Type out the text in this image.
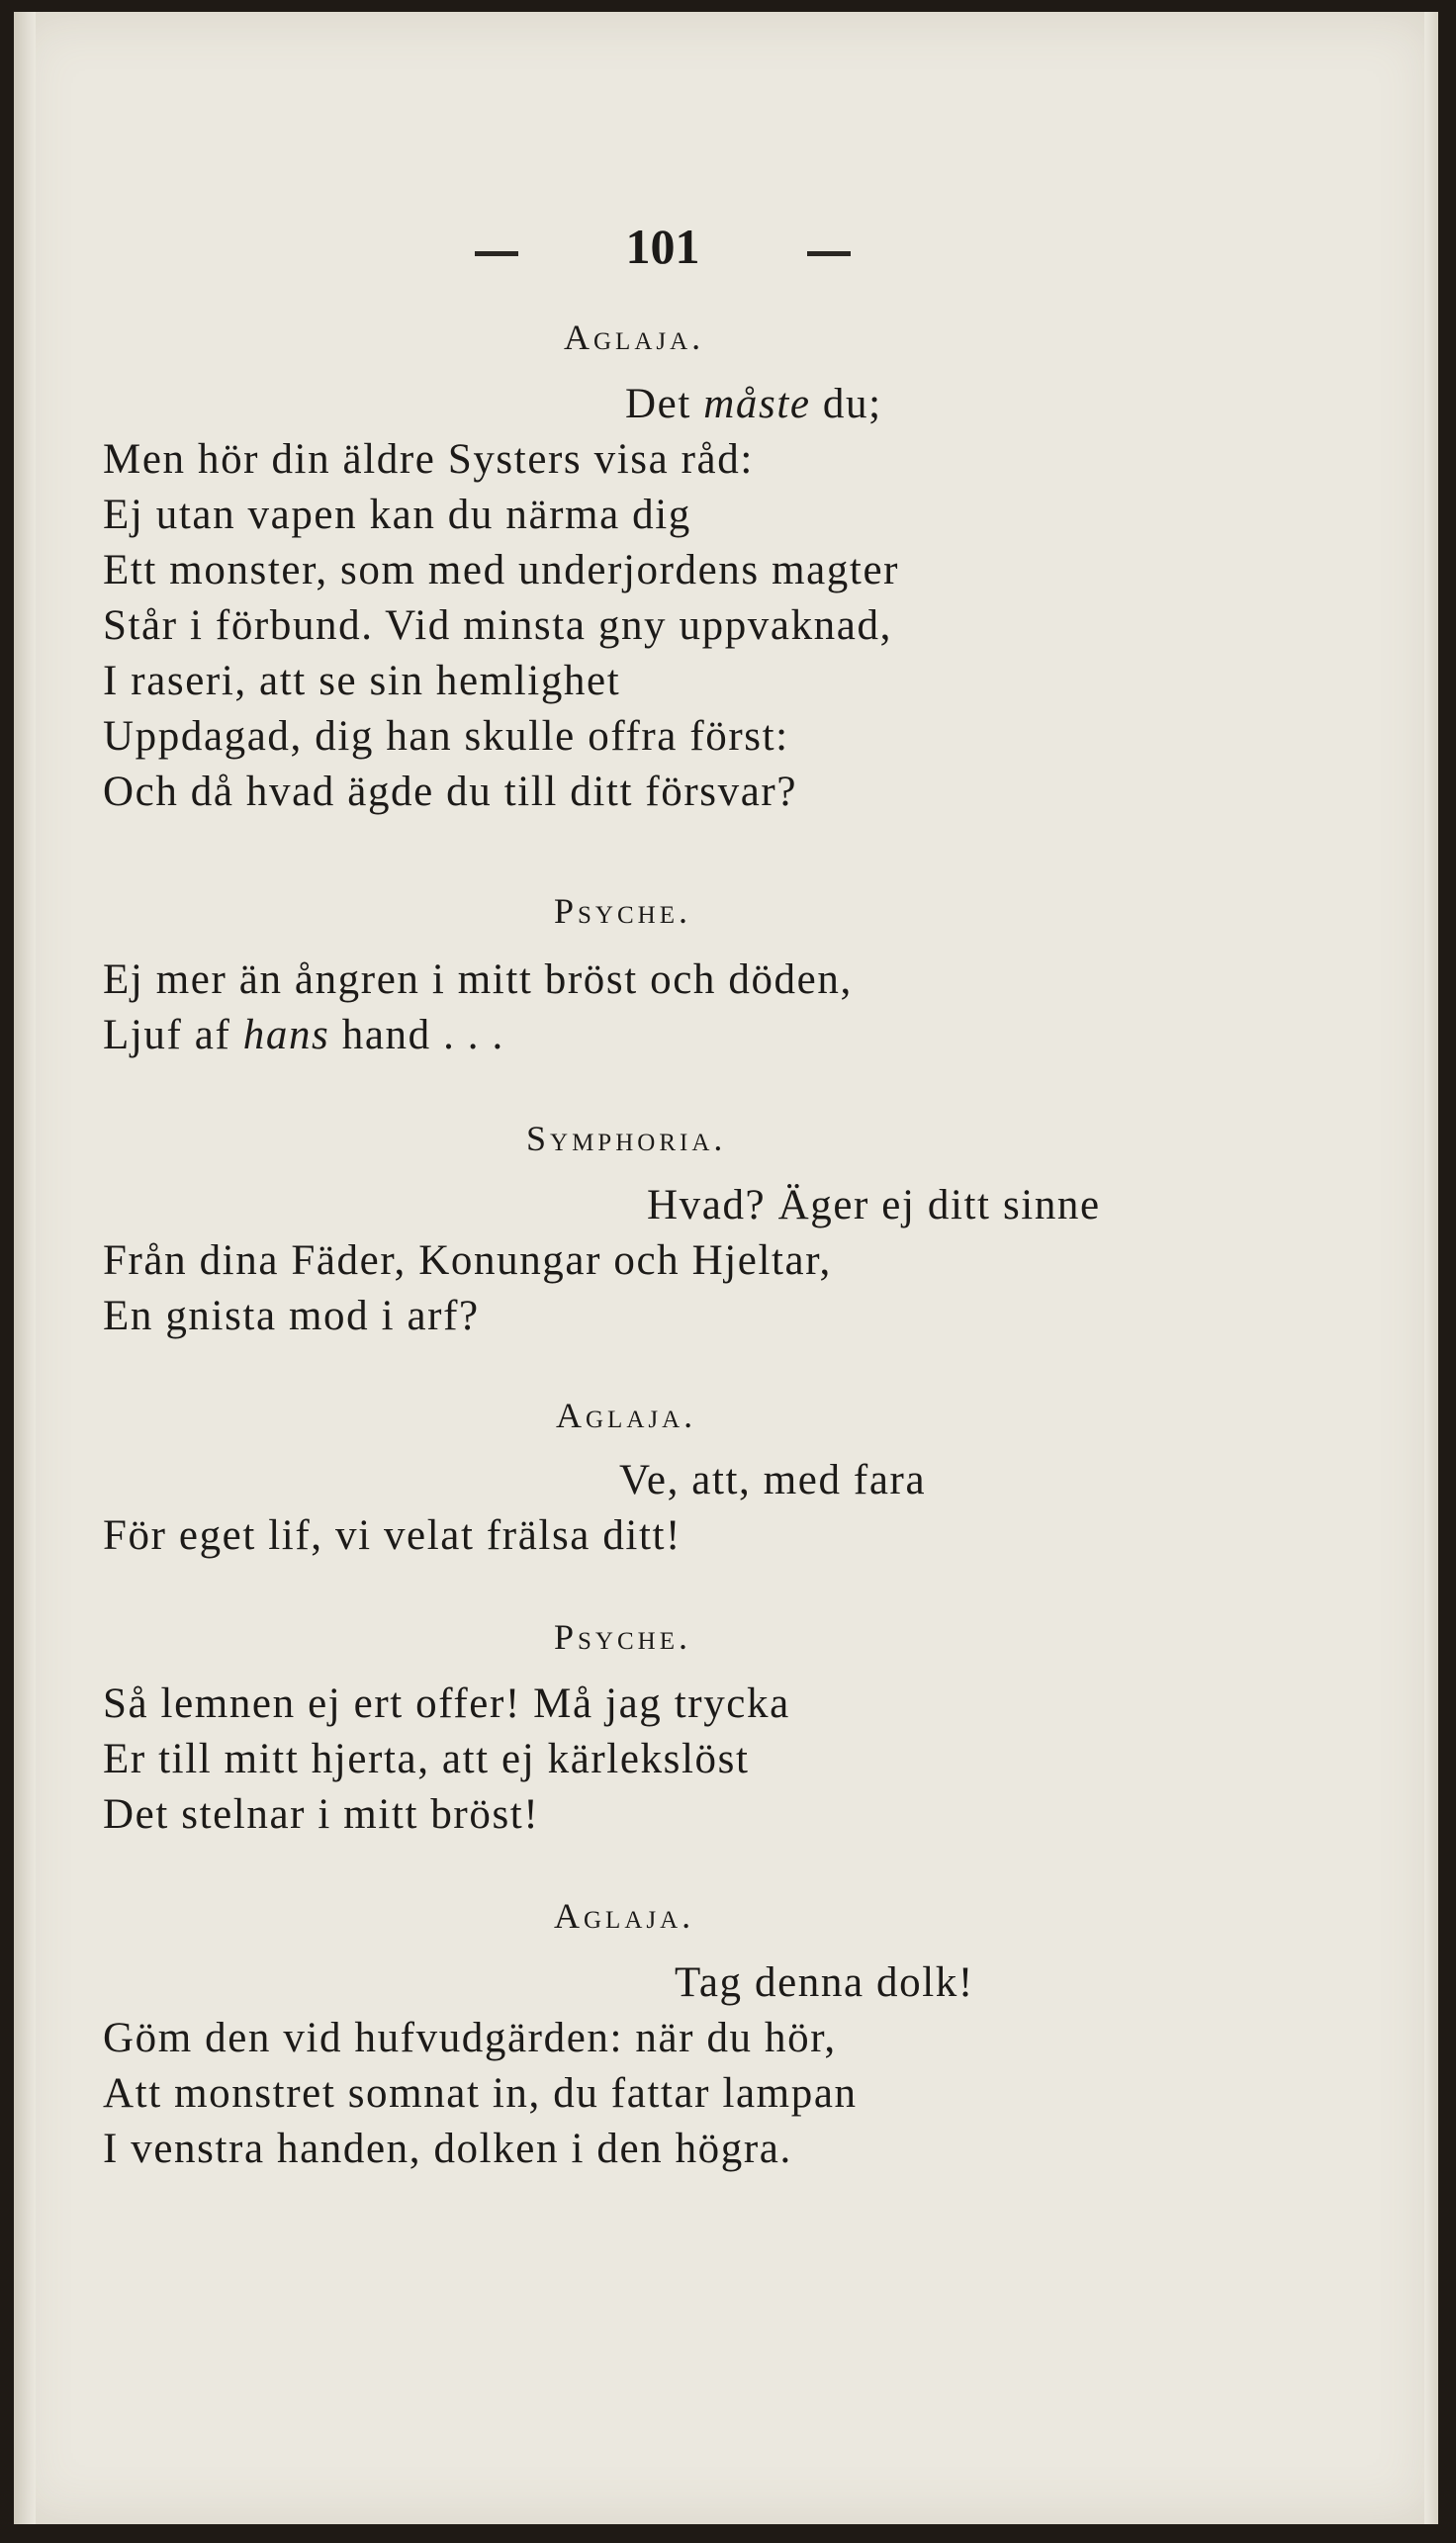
101
Aglaja.
Det måste du;
Men hör din äldre Systers visa råd:
Ej utan vapen kan du närma dig
Ett monster, som med underjordens magter
Står i förbund. Vid minsta gny uppvaknad,
I raseri, att se sin hemlighet
Uppdagad, dig han skulle offra först:
Och då hvad ägde du till ditt försvar?
Psyche.
Ej mer än ångren i mitt bröst och döden,
Ljuf af hans hand . . .
Symphoria.
Hvad? Äger ej ditt sinne
Från dina Fäder, Konungar och Hjeltar,
En gnista mod i arf?
Aglaja.
Ve, att, med fara
För eget lif, vi velat frälsa ditt!
Psyche.
Så lemnen ej ert offer! Må jag trycka
Er till mitt hjerta, att ej kärlekslöst
Det stelnar i mitt bröst!
Aglaja.
Tag denna dolk!
Göm den vid hufvudgärden: när du hör,
Att monstret somnat in, du fattar lampan
I venstra handen, dolken i den högra.
